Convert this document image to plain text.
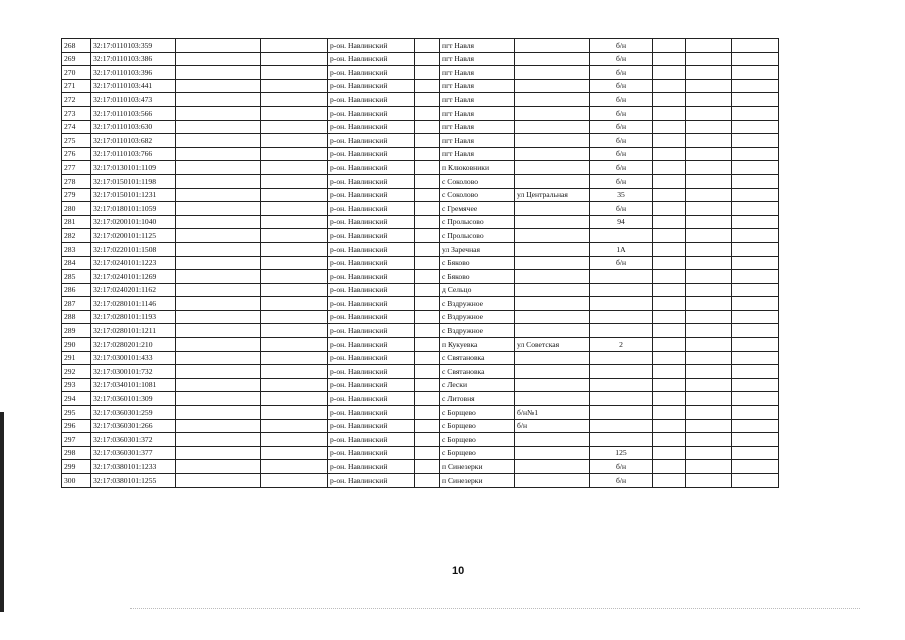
268	32:17:0110103:359			р-он. Навлинский		пгт Навля		б/н			
269	32:17:0110103:386			р-он. Навлинский		пгт Навля		б/н			
270	32:17:0110103:396			р-он. Навлинский		пгт Навля		б/н			
271	32:17:0110103:441			р-он. Навлинский		пгт Навля		б/н			
272	32:17:0110103:473			р-он. Навлинский		пгт Навля		б/н			
273	32:17:0110103:566			р-он. Навлинский		пгт Навля		б/н			
274	32:17:0110103:630			р-он. Навлинский		пгт Навля		б/н			
275	32:17:0110103:682			р-он. Навлинский		пгт Навля		б/н			
276	32:17:0110103:766			р-он. Навлинский		пгт Навля		б/н			
277	32:17:0130101:1109			р-он. Навлинский		п Клюковники		б/н			
278	32:17:0150101:1198			р-он. Навлинский		с Соколово		б/н			
279	32:17:0150101:1231			р-он. Навлинский		с Соколово	ул Центральная	35			
280	32:17:0180101:1059			р-он. Навлинский		с Гремячее		б/н			
281	32:17:0200101:1040			р-он. Навлинский		с Пролысово		94			
282	32:17:0200101:1125			р-он. Навлинский		с Пролысово					
283	32:17:0220101:1508			р-он. Навлинский		ул Заречная		1А			
284	32:17:0240101:1223			р-он. Навлинский		с Бяково		б/н			
285	32:17:0240101:1269			р-он. Навлинский		с Бяково					
286	32:17:0240201:1162			р-он. Навлинский		д Сельцо					
287	32:17:0280101:1146			р-он. Навлинский		с Вздружное					
288	32:17:0280101:1193			р-он. Навлинский		с Вздружное					
289	32:17:0280101:1211			р-он. Навлинский		с Вздружное					
290	32:17:0280201:210			р-он. Навлинский		п Кукуевка	ул Советская	2			
291	32:17:0300101:433			р-он. Навлинский		с Святановка					
292	32:17:0300101:732			р-он. Навлинский		с Святановка					
293	32:17:0340101:1081			р-он. Навлинский		с Лески					
294	32:17:0360101:309			р-он. Навлинский		с Литовня					
295	32:17:0360301:259			р-он. Навлинский		с Борщево	б/н№1				
296	32:17:0360301:266			р-он. Навлинский		с Борщево	б/н				
297	32:17:0360301:372			р-он. Навлинский		с Борщево					
298	32:17:0360301:377			р-он. Навлинский		с Борщево		125			
299	32:17:0380101:1233			р-он. Навлинский		п Синезерки		б/н			
300	32:17:0380101:1255			р-он. Навлинский		п Синезерки		б/н			
10
